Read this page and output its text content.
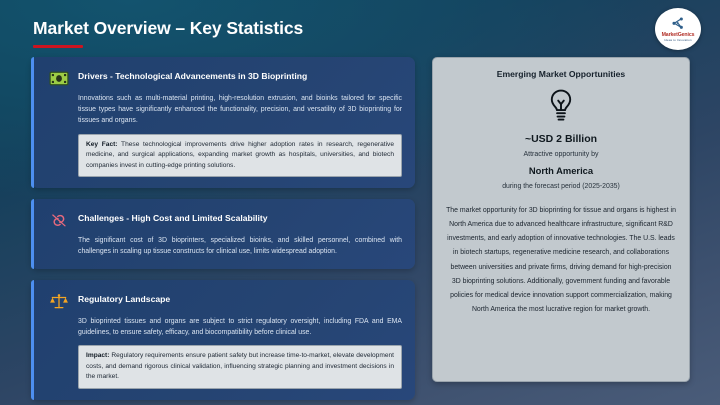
Market Overview – Key Statistics	MarketGenics
Ideas to Innovation
Drivers - Technological Advancements in 3D Bioprinting
Innovations such as multi-material printing, high-resolution extrusion, and bioinks tailored for specific tissue types have significantly enhanced the functionality, precision, and versatility of 3D bioprinting for tissues and organs.
Key Fact: These technological improvements drive higher adoption rates in research, regenerative medicine, and surgical applications, expanding market growth as hospitals, universities, and biotech companies invest in cutting-edge printing solutions.
Challenges - High Cost and Limited Scalability
The significant cost of 3D bioprinters, specialized bioinks, and skilled personnel, combined with challenges in scaling up tissue constructs for clinical use, limits widespread adoption.
Regulatory Landscape
3D bioprinted tissues and organs are subject to strict regulatory oversight, including FDA and EMA guidelines, to ensure safety, efficacy, and biocompatibility before clinical use.
Impact: Regulatory requirements ensure patient safety but increase time-to-market, elevate development costs, and demand rigorous clinical validation, influencing strategic planning and investment decisions in the market.
Emerging Market Opportunities
~USD 2 Billion
Attractive opportunity by
North America
during the forecast period (2025-2035)
The market opportunity for 3D bioprinting for tissue and organs is highest in North America due to advanced healthcare infrastructure, significant R&D investments, and early adoption of innovative technologies. The U.S. leads in biotech startups, regenerative medicine research, and collaborations between universities and private firms, driving demand for high-precision 3D bioprinting solutions. Additionally, government funding and favorable policies for medical device innovation support commercialization, making North America the most lucrative region for market growth.
